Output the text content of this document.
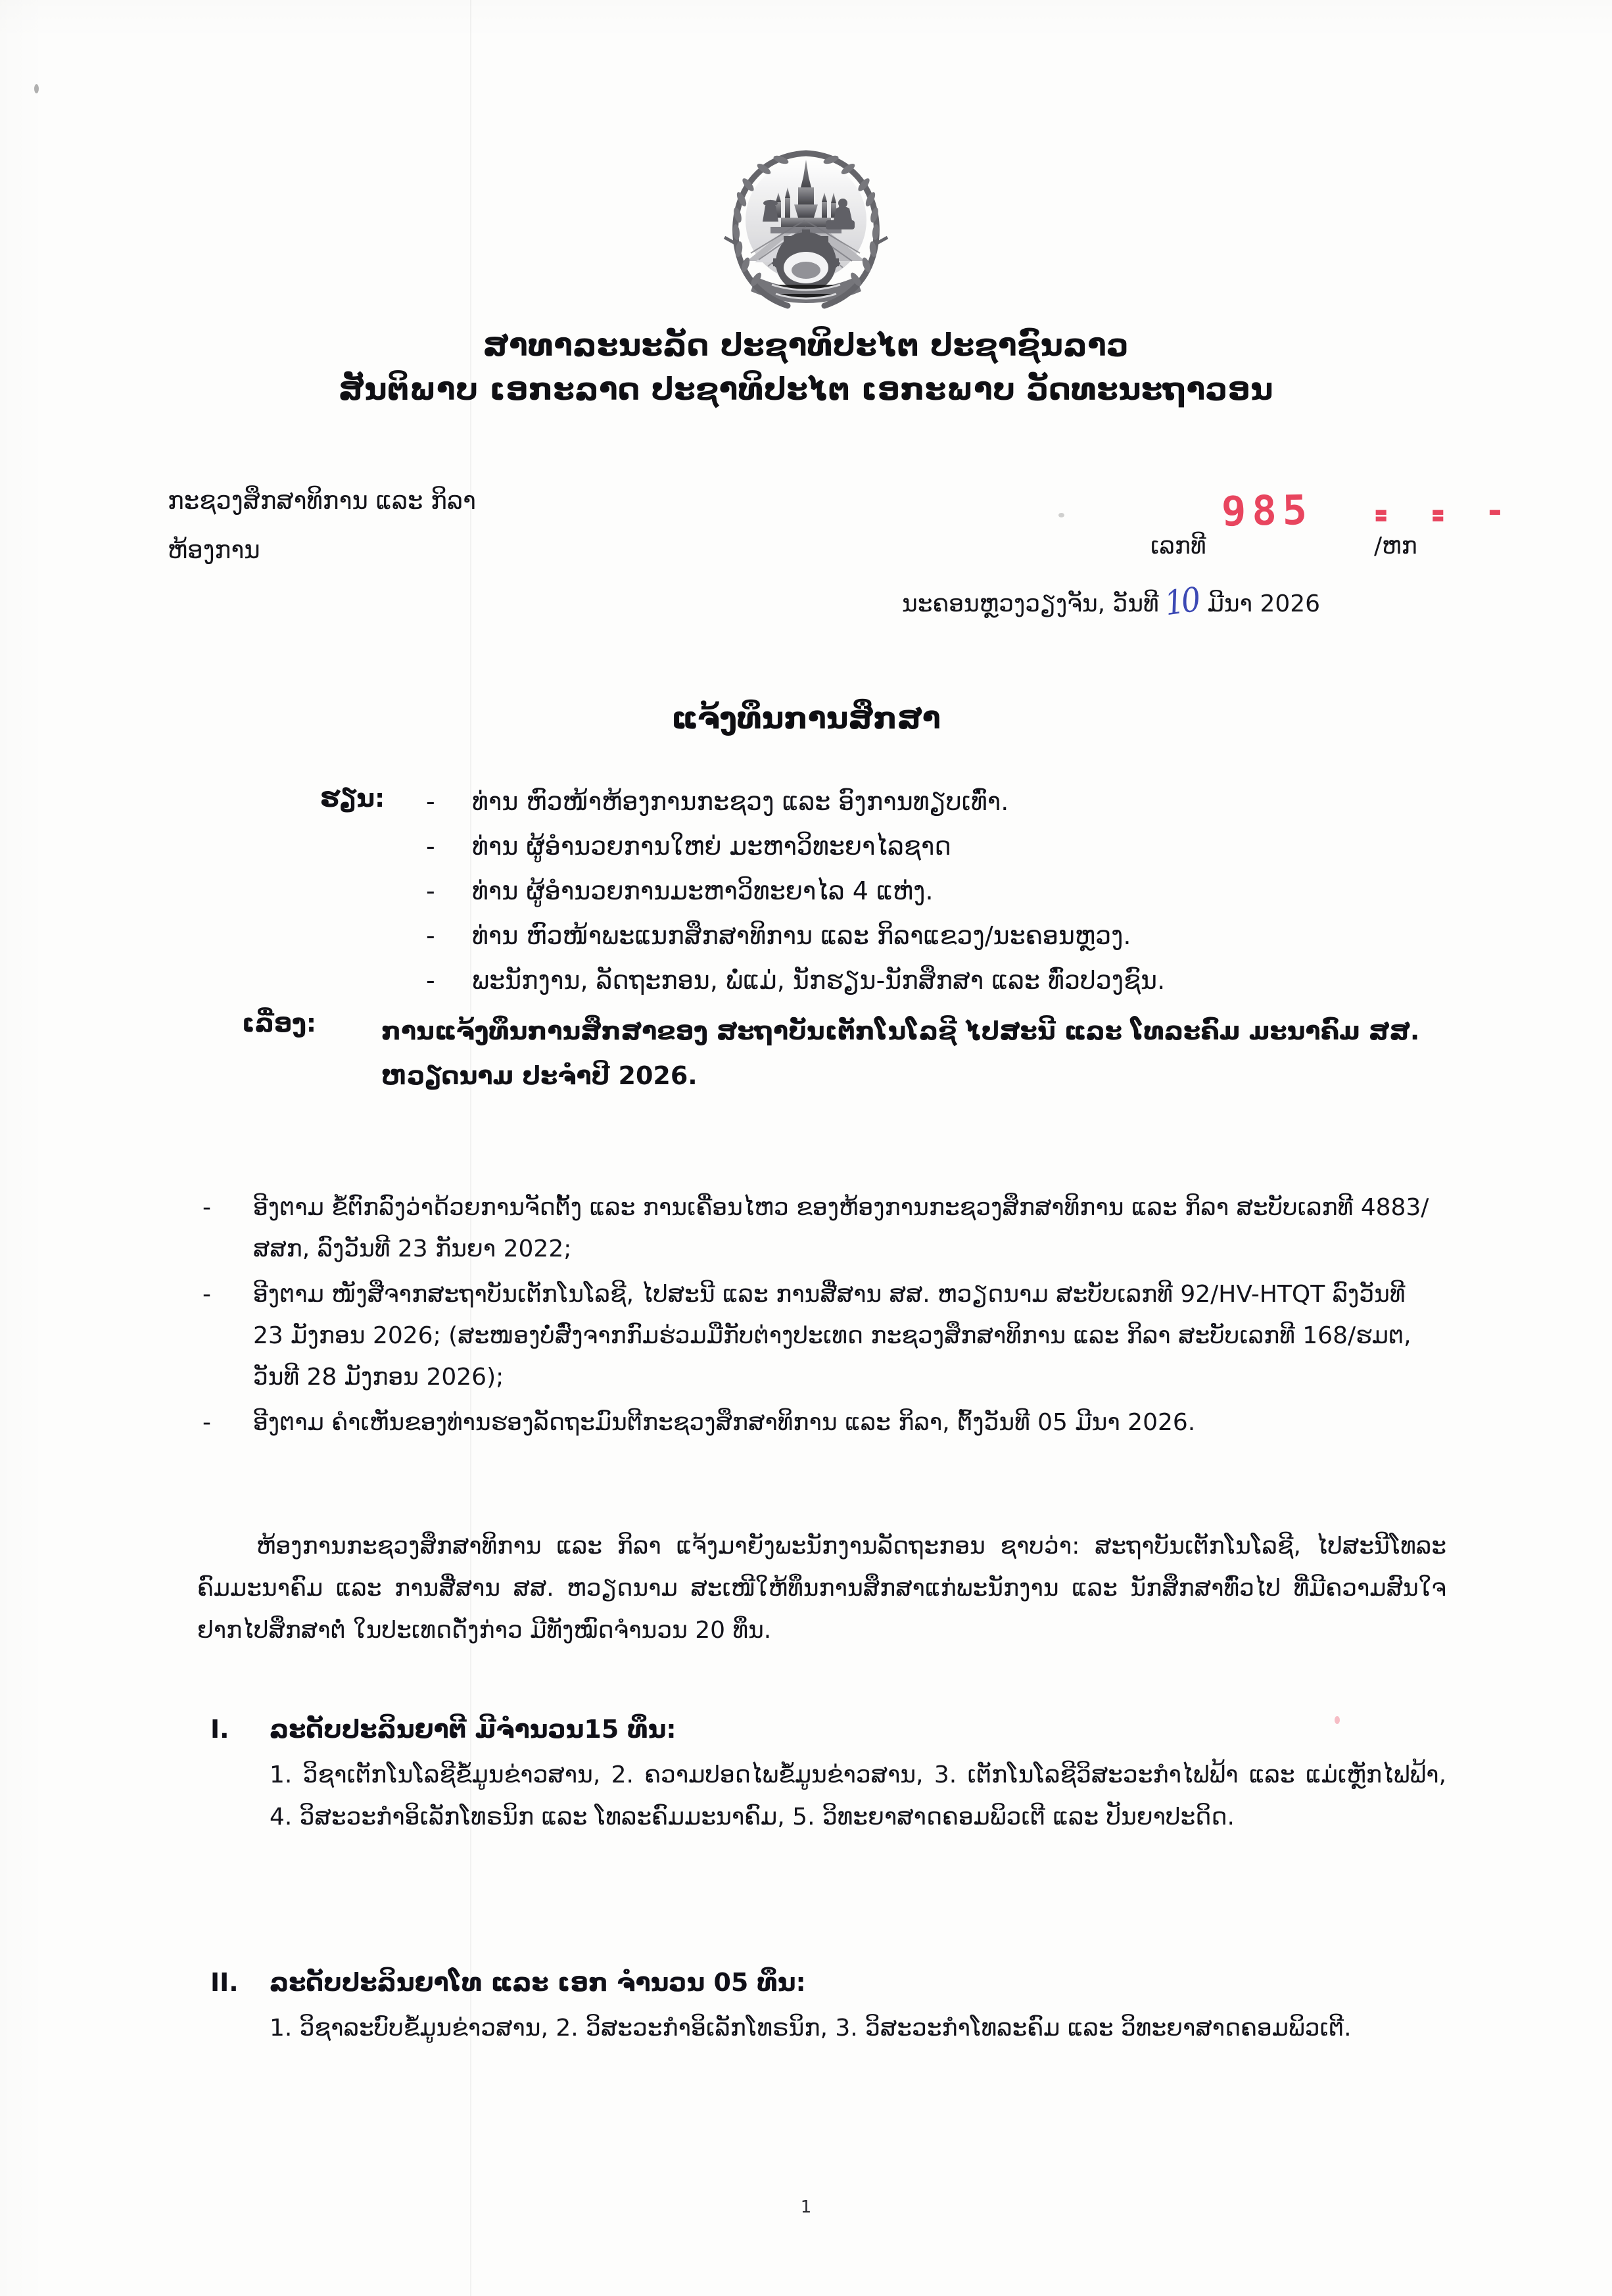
ສາທາລະນະລັດ ປະຊາທິປະໄຕ ປະຊາຊົນລາວ
ສັນຕິພາບ ເອກະລາດ ປະຊາທິປະໄຕ ເອກະພາບ ວັດທະນະຖາວອນ
ກະຊວງສຶກສາທິການ ແລະ ກິລາ
ຫ້ອງການ	ເລກທີ
985 - - - - -
/ຫກ
ນະຄອນຫຼວງວຽງຈັນ, ວັນທີ 10 ມີນາ 2026
ແຈ້ງທຶນການສຶກສາ
ຮຽນ: - ທ່ານ ຫົວໜ້າຫ້ອງການກະຊວງ ແລະ ອົງການທຽບເທົ່າ.
- ທ່ານ ຜູ້ອຳນວຍການໃຫຍ່ ມະຫາວິທະຍາໄລຊາດ
- ທ່ານ ຜູ້ອຳນວຍການມະຫາວິທະຍາໄລ 4 ແຫ່ງ.
- ທ່ານ ຫົວໜ້າພະແນກສຶກສາທິການ ແລະ ກິລາແຂວງ/ນະຄອນຫຼວງ.
- ພະນັກງານ, ລັດຖະກອນ, ພໍ່ແມ່, ນັກຮຽນ-ນັກສຶກສາ ແລະ ທົ່ວປວງຊົນ.
ເລື່ອງ:	ການແຈ້ງທຶນການສຶກສາຂອງ ສະຖາບັນເຕັກໂນໂລຊີ ໄປສະນີ ແລະ ໂທລະຄົມ ມະນາຄົມ ສສ. ຫວຽດນາມ ປະຈຳປີ 2026.
- ອີງຕາມ ຂໍ້ຕົກລົງວ່າດ້ວຍການຈັດຕັ້ງ ແລະ ການເຄື່ອນໄຫວ ຂອງຫ້ອງການກະຊວງສຶກສາທິການ ແລະ ກິລາ ສະບັບເລກທີ 4883/ສສກ, ລົງວັນທີ 23 ກັນຍາ 2022;
- ອີງຕາມ ໜັງສືຈາກສະຖາບັນເຕັກໂນໂລຊີ, ໄປສະນີ ແລະ ການສື່ສານ ສສ. ຫວຽດນາມ ສະບັບເລກທີ 92/HV-HTQT ລົງວັນທີ 23 ມັງກອນ 2026; (ສະໜອງບໍ່ສົ່ງຈາກກົມຮ່ວມມືກັບຕ່າງປະເທດ ກະຊວງສຶກສາທິການ ແລະ ກິລາ ສະບັບເລກທີ 168/ຮມຕ, ວັນທີ 28 ມັງກອນ 2026);
- ອີງຕາມ ຄຳເຫັນຂອງທ່ານຮອງລັດຖະມົນຕີກະຊວງສຶກສາທິການ ແລະ ກິລາ, ຕົ້ງວັນທີ 05 ມີນາ 2026.
ຫ້ອງການກະຊວງສຶກສາທິການ ແລະ ກິລາ ແຈ້ງມາຍັງພະນັກງານລັດຖະກອນ ຊາບວ່າ: ສະຖາບັນເຕັກໂນໂລຊີ, ໄປສະນີໂທລະຄົມມະນາຄົມ ແລະ ການສື່ສານ ສສ. ຫວຽດນາມ ສະເໜີໃຫ້ທຶນການສຶກສາແກ່ພະນັກງານ ແລະ ນັກສຶກສາທົ່ວໄປ ທີ່ມີຄວາມສົນໃຈຢາກໄປສຶກສາຕໍ່ ໃນປະເທດດັ່ງກ່າວ ມີທັງໝົດຈຳນວນ 20 ທຶນ.
I. ລະດັບປະລິນຍາຕີ ມີຈຳນວນ15 ທຶນ:
1. ວິຊາເຕັກໂນໂລຊີຂໍ້ມູນຂ່າວສານ, 2. ຄວາມປອດໄພຂໍ້ມູນຂ່າວສານ, 3. ເຕັກໂນໂລຊີວິສະວະກຳໄຟຟ້າ ແລະ ແມ່ເຫຼັກໄຟຟ້າ, 4. ວິສະວະກຳອິເລັກໂທຣນິກ ແລະ ໂທລະຄົມມະນາຄົມ, 5. ວິທະຍາສາດຄອມພິວເຕີ ແລະ ປັນຍາປະດິດ.
II. ລະດັບປະລິນຍາໂທ ແລະ ເອກ ຈຳນວນ 05 ທຶນ:
1. ວິຊາລະບົບຂໍ້ມູນຂ່າວສານ, 2. ວິສະວະກຳອິເລັກໂທຣນິກ, 3. ວິສະວະກຳໂທລະຄົມ ແລະ ວິທະຍາສາດຄອມພິວເຕີ.
1
